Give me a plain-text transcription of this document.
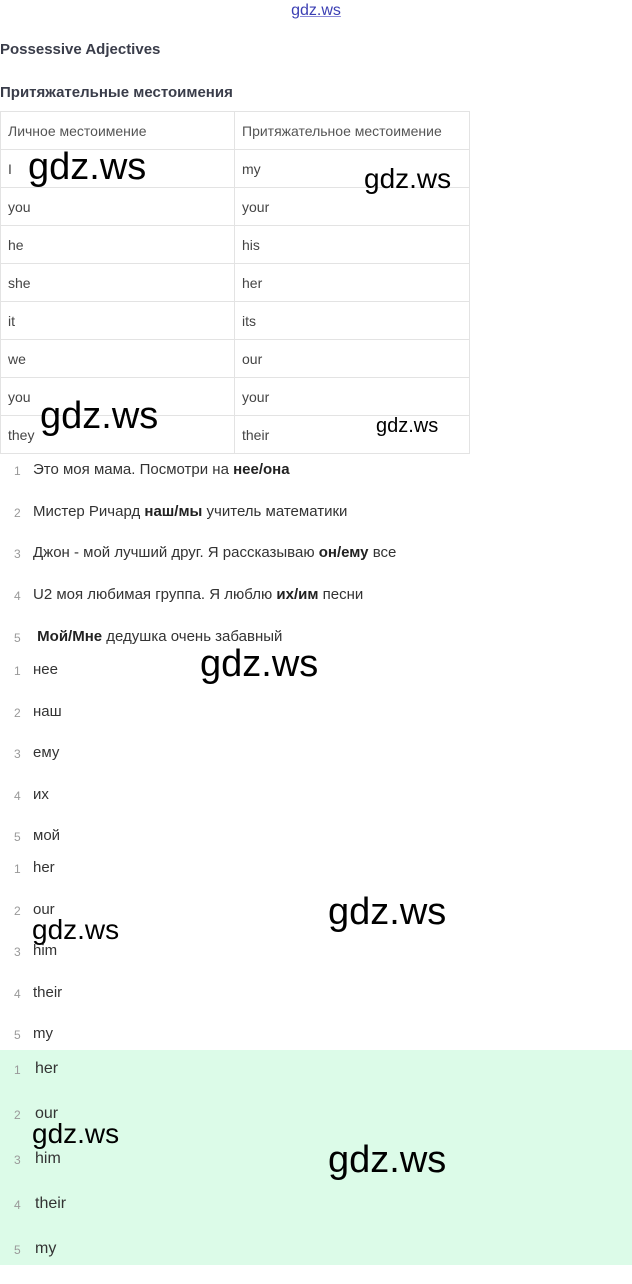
gdz.ws
Possessive Adjectives
Притяжательные местоимения
Личное местоимение	Притяжательное местоимение
I	my
you	your
he	his
she	her
it	its
we	our
you	your
they	their
1 Это моя мама. Посмотри на нее/она
2 Мистер Ричард наш/мы учитель математики
3 Джон - мой лучший друг. Я рассказываю он/ему все
4 U2 моя любимая группа. Я люблю их/им песни
5 Мой/Мне дедушка очень забавный
1 нее
2 наш
3 ему
4 их
5 мой
1 her
2 our
3 him
4 their
5 my
1 her
2 our
3 him
4 their
5 my
gdz.ws	gdz.ws
gdz.ws	gdz.ws
gdz.ws
gdz.ws
gdz.ws
gdz.ws
gdz.ws
